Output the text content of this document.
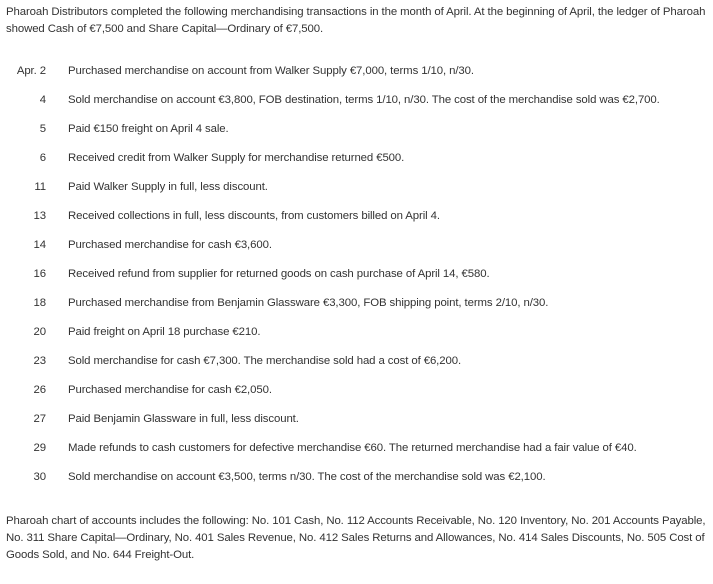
Pharoah Distributors completed the following merchandising transactions in the month of April. At the beginning of April, the ledger of Pharoah showed Cash of €7,500 and Share Capital—Ordinary of €7,500.
Apr. 2 Purchased merchandise on account from Walker Supply €7,000, terms 1/10, n/30.
4 Sold merchandise on account €3,800, FOB destination, terms 1/10, n/30. The cost of the merchandise sold was €2,700.
5 Paid €150 freight on April 4 sale.
6 Received credit from Walker Supply for merchandise returned €500.
11 Paid Walker Supply in full, less discount.
13 Received collections in full, less discounts, from customers billed on April 4.
14 Purchased merchandise for cash €3,600.
16 Received refund from supplier for returned goods on cash purchase of April 14, €580.
18 Purchased merchandise from Benjamin Glassware €3,300, FOB shipping point, terms 2/10, n/30.
20 Paid freight on April 18 purchase €210.
23 Sold merchandise for cash €7,300. The merchandise sold had a cost of €6,200.
26 Purchased merchandise for cash €2,050.
27 Paid Benjamin Glassware in full, less discount.
29 Made refunds to cash customers for defective merchandise €60. The returned merchandise had a fair value of €40.
30 Sold merchandise on account €3,500, terms n/30. The cost of the merchandise sold was €2,100.
Pharoah chart of accounts includes the following: No. 101 Cash, No. 112 Accounts Receivable, No. 120 Inventory, No. 201 Accounts Payable, No. 311 Share Capital—Ordinary, No. 401 Sales Revenue, No. 412 Sales Returns and Allowances, No. 414 Sales Discounts, No. 505 Cost of Goods Sold, and No. 644 Freight-Out.
